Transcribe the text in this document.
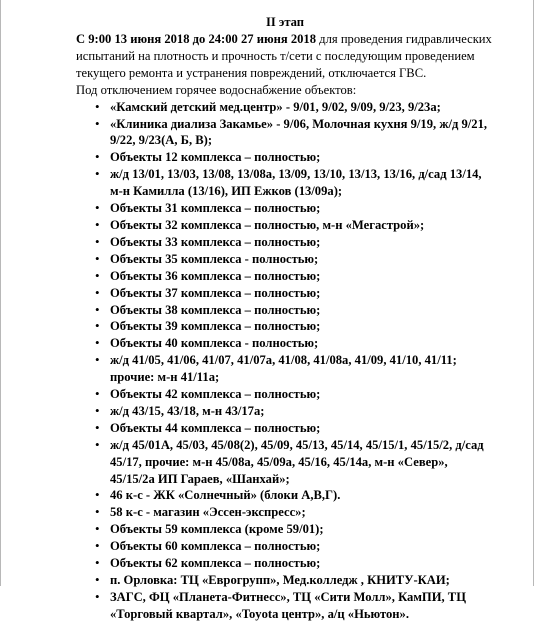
II этап

С 9:00 13 июня 2018 до 24:00 27 июня 2018 для проведения гидравлических испытаний на плотность и прочность т/сети с последующим проведением текущего ремонта и устранения повреждений, отключается ГВС.

Под отключением горячее водоснабжение объектов:

• «Камский детский мед.центр» - 9/01, 9/02, 9/09, 9/23, 9/23а;
• «Клиника диализа Закамье» - 9/06, Молочная кухня 9/19, ж/д 9/21, 9/22, 9/23(А, Б, В);
• Объекты 12 комплекса – полностью;
• ж/д 13/01, 13/03, 13/08, 13/08а, 13/09, 13/10, 13/13, 13/16, д/сад 13/14, м-н Камилла (13/16), ИП Ежков (13/09а);
• Объекты 31 комплекса – полностью;
• Объекты 32 комплекса – полностью, м-н «Мегастрой»;
• Объекты 33 комплекса – полностью;
• Объекты 35 комплекса - полностью;
• Объекты 36 комплекса – полностью;
• Объекты 37 комплекса – полностью;
• Объекты 38 комплекса – полностью;
• Объекты 39 комплекса – полностью;
• Объекты 40 комплекса - полностью;
• ж/д 41/05, 41/06, 41/07, 41/07а, 41/08, 41/08а, 41/09, 41/10, 41/11; прочие: м-н 41/11а;
• Объекты 42 комплекса – полностью;
• ж/д 43/15, 43/18, м-н 43/17а;
• Объекты 44 комплекса – полностью;
• ж/д 45/01А, 45/03, 45/08(2), 45/09, 45/13, 45/14, 45/15/1, 45/15/2, д/сад 45/17, прочие: м-н 45/08а, 45/09а, 45/16, 45/14а, м-н «Север», 45/15/2а ИП Гараев, «Шанхай»;
• 46 к-с - ЖК «Солнечный» (блоки А,В,Г).
• 58 к-с - магазин «Эссен-экспресс»;
• Объекты 59 комплекса (кроме 59/01);
• Объекты 60 комплекса – полностью;
• Объекты 62 комплекса – полностью;
• п. Орловка: ТЦ «Еврогрупп», Мед.колледж , КНИТУ-КАИ;
• ЗАГС, ФЦ «Планета-Фитнесс», ТЦ «Сити Молл», КамПИ, ТЦ «Торговый квартал», «Toyota центр», а/ц «Ньютон».
